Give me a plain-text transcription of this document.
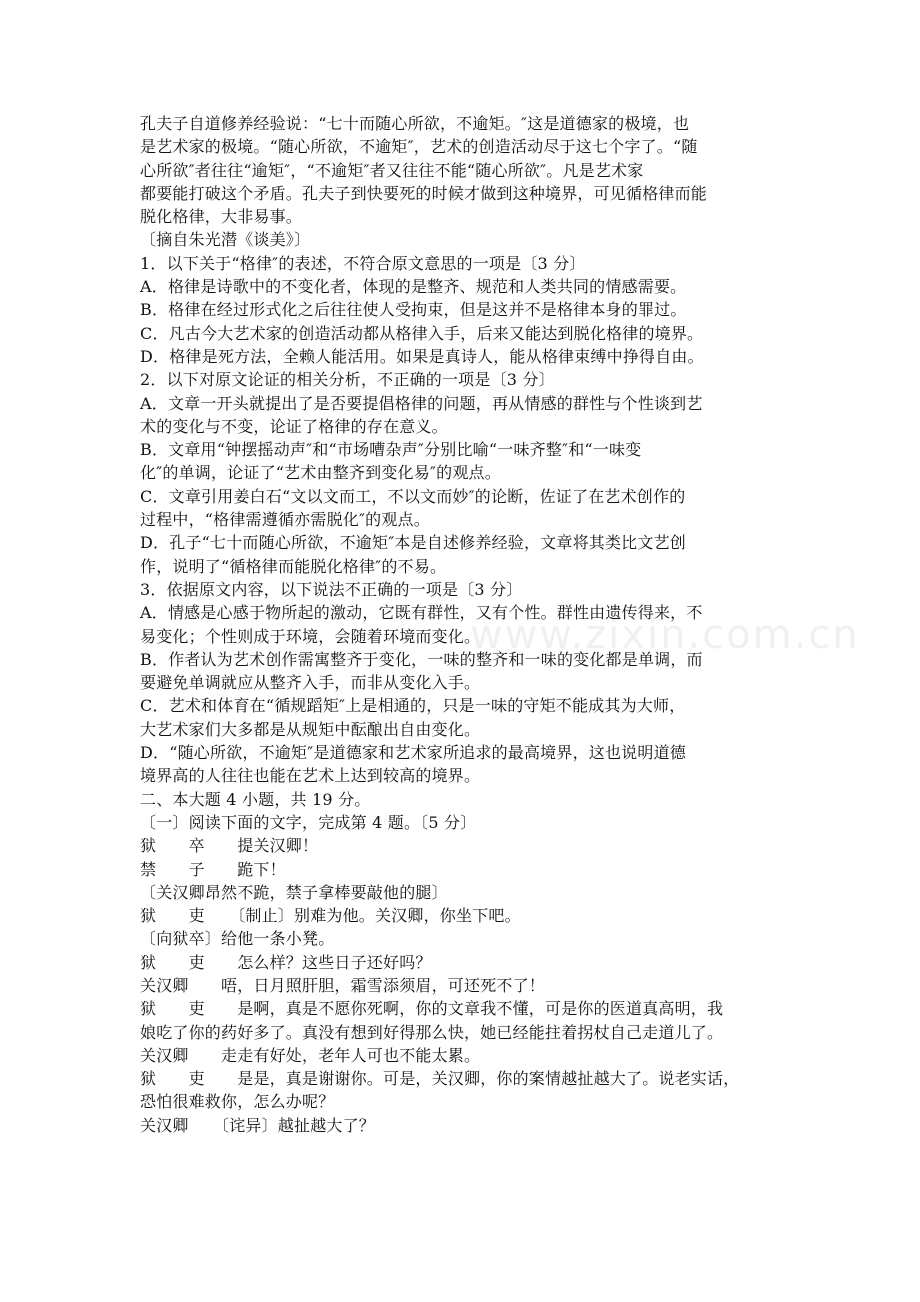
www.zixin.com.cn
孔夫子自道修养经验说：“七十而随心所欲，不逾矩。″这是道德家的极境，也
是艺术家的极境。“随心所欲，不逾矩″，艺术的创造活动尽于这七个字了。“随
心所欲″者往往“逾矩″，“不逾矩″者又往往不能“随心所欲″。凡是艺术家
都要能打破这个矛盾。孔夫子到快要死的时候才做到这种境界，可见循格律而能
脱化格律，大非易事。
〔摘自朱光潜《谈美》〕
1．以下关于“格律″的表述，不符合原文意思的一项是〔3 分〕
A．格律是诗歌中的不变化者，体现的是整齐、规范和人类共同的情感需要。
B．格律在经过形式化之后往往使人受拘束，但是这并不是格律本身的罪过。
C．凡古今大艺术家的创造活动都从格律入手，后来又能达到脱化格律的境界。
D．格律是死方法，全赖人能活用。如果是真诗人，能从格律束缚中挣得自由。
2．以下对原文论证的相关分析，不正确的一项是〔3 分〕
A．文章一开头就提出了是否要提倡格律的问题，再从情感的群性与个性谈到艺
术的变化与不变，论证了格律的存在意义。
B．文章用“钟摆摇动声″和“市场嘈杂声″分别比喻“一味齐整″和“一味变
化″的单调，论证了“艺术由整齐到变化易″的观点。
C．文章引用姜白石“文以文而工，不以文而妙″的论断，佐证了在艺术创作的
过程中，“格律需遵循亦需脱化″的观点。
D．孔子“七十而随心所欲，不逾矩″本是自述修养经验，文章将其类比文艺创
作，说明了“循格律而能脱化格律″的不易。
3．依据原文内容，以下说法不正确的一项是〔3 分〕
A．情感是心感于物所起的激动，它既有群性，又有个性。群性由遗传得来，不
易变化；个性则成于环境，会随着环境而变化。
B．作者认为艺术创作需寓整齐于变化，一味的整齐和一味的变化都是单调，而
要避免单调就应从整齐入手，而非从变化入手。
C．艺术和体育在“循规蹈矩″上是相通的，只是一味的守矩不能成其为大师，
大艺术家们大多都是从规矩中酝酿出自由变化。
D．“随心所欲，不逾矩″是道德家和艺术家所追求的最高境界，这也说明道德
境界高的人往往也能在艺术上达到较高的境界。
二、本大题 4 小题，共 19 分。
〔一〕阅读下面的文字，完成第 4 题。〔5 分〕
狱　　卒　　提关汉卿！
禁　　子　　跪下！
〔关汉卿昂然不跪，禁子拿棒要敲他的腿〕
狱　　吏　　〔制止〕别难为他。关汉卿，你坐下吧。
〔向狱卒〕给他一条小凳。
狱　　吏　　怎么样？这些日子还好吗？
关汉卿　　唔，日月照肝胆，霜雪添须眉，可还死不了！
狱　　吏　　是啊，真是不愿你死啊，你的文章我不懂，可是你的医道真高明，我
娘吃了你的药好多了。真没有想到好得那么快，她已经能拄着拐杖自己走道儿了。
关汉卿　　走走有好处，老年人可也不能太累。
狱　　吏　　是是，真是谢谢你。可是，关汉卿，你的案情越扯越大了。说老实话，
恐怕很难救你，怎么办呢？
关汉卿　　〔诧异〕越扯越大了？
